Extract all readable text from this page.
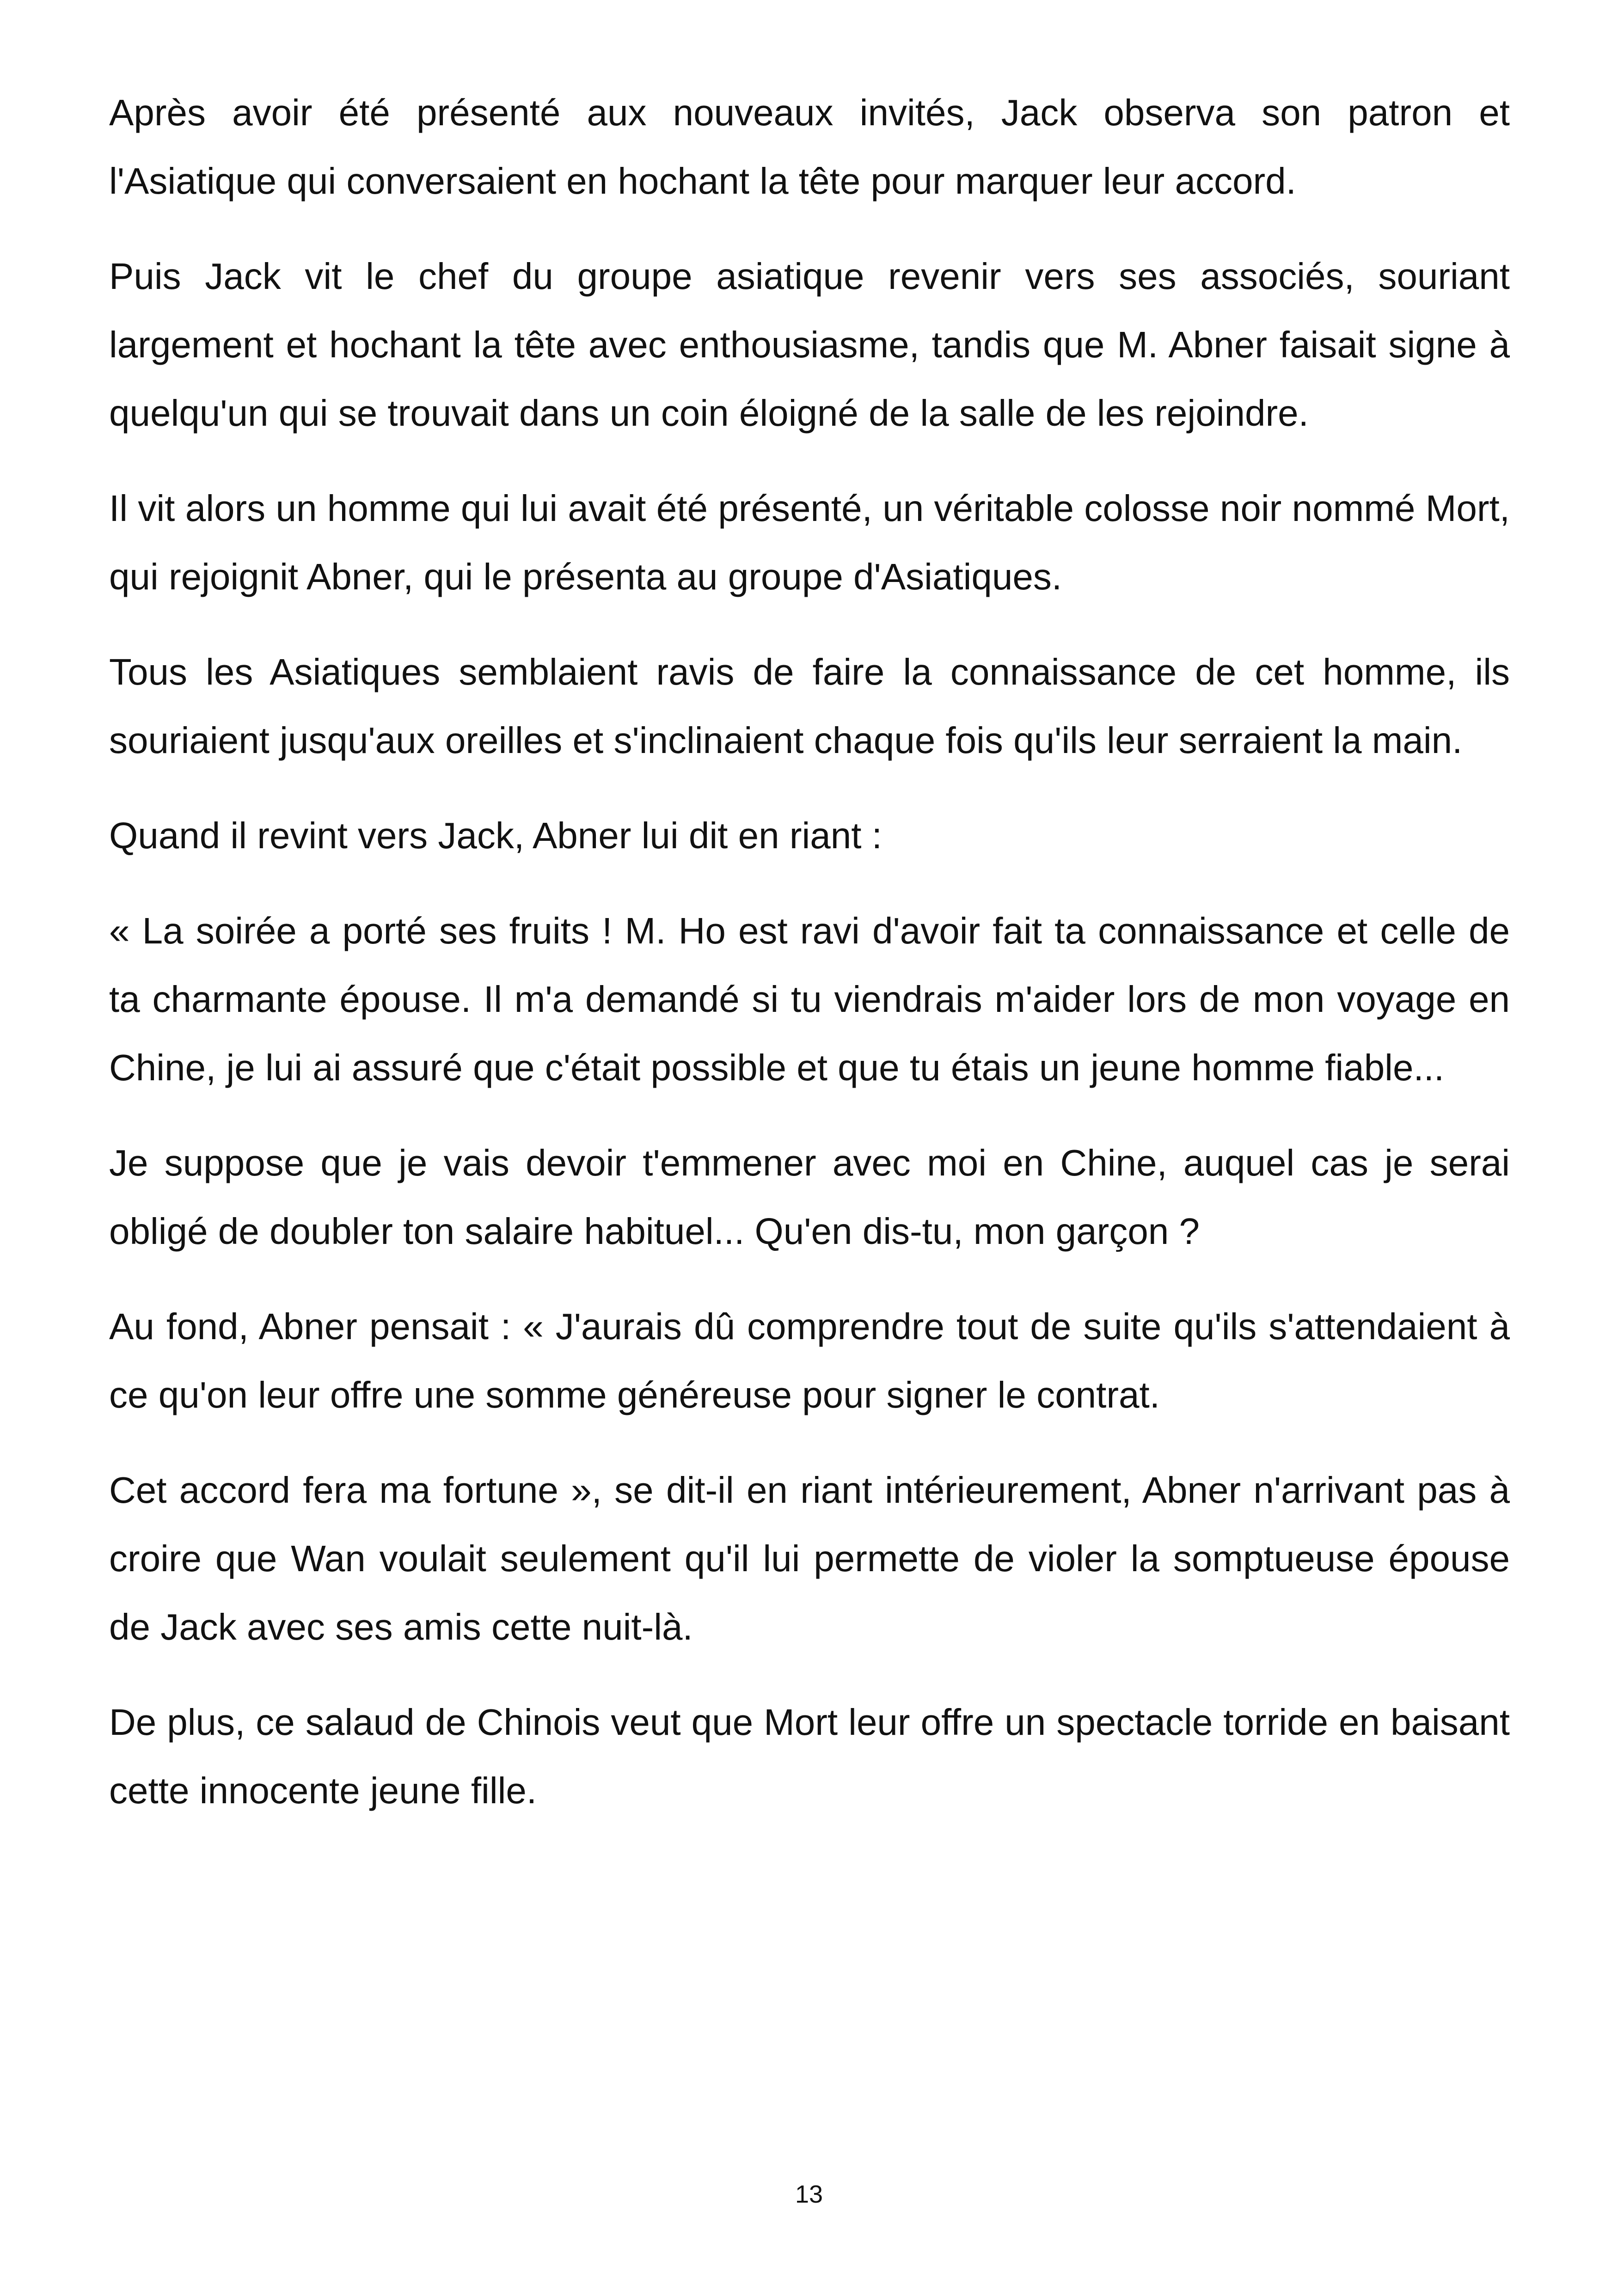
Après avoir été présenté aux nouveaux invités, Jack observa son patron et l'Asiatique qui conversaient en hochant la tête pour marquer leur accord.

Puis Jack vit le chef du groupe asiatique revenir vers ses associés, souriant largement et hochant la tête avec enthousiasme, tandis que M. Abner faisait signe à quelqu'un qui se trouvait dans un coin éloigné de la salle de les rejoindre.

Il vit alors un homme qui lui avait été présenté, un véritable colosse noir nommé Mort, qui rejoignit Abner, qui le présenta au groupe d'Asiatiques.

Tous les Asiatiques semblaient ravis de faire la connaissance de cet homme, ils souriaient jusqu'aux oreilles et s'inclinaient chaque fois qu'ils leur serraient la main.

Quand il revint vers Jack, Abner lui dit en riant :

« La soirée a porté ses fruits ! M. Ho est ravi d'avoir fait ta connaissance et celle de ta charmante épouse. Il m'a demandé si tu viendrais m'aider lors de mon voyage en Chine, je lui ai assuré que c'était possible et que tu étais un jeune homme fiable...

Je suppose que je vais devoir t'emmener avec moi en Chine, auquel cas je serai obligé de doubler ton salaire habituel... Qu'en dis-tu, mon garçon ?

Au fond, Abner pensait : « J'aurais dû comprendre tout de suite qu'ils s'attendaient à ce qu'on leur offre une somme généreuse pour signer le contrat.

Cet accord fera ma fortune », se dit-il en riant intérieurement, Abner n'arrivant pas à croire que Wan voulait seulement qu'il lui permette de violer la somptueuse épouse de Jack avec ses amis cette nuit-là.

De plus, ce salaud de Chinois veut que Mort leur offre un spectacle torride en baisant cette innocente jeune fille.

13
